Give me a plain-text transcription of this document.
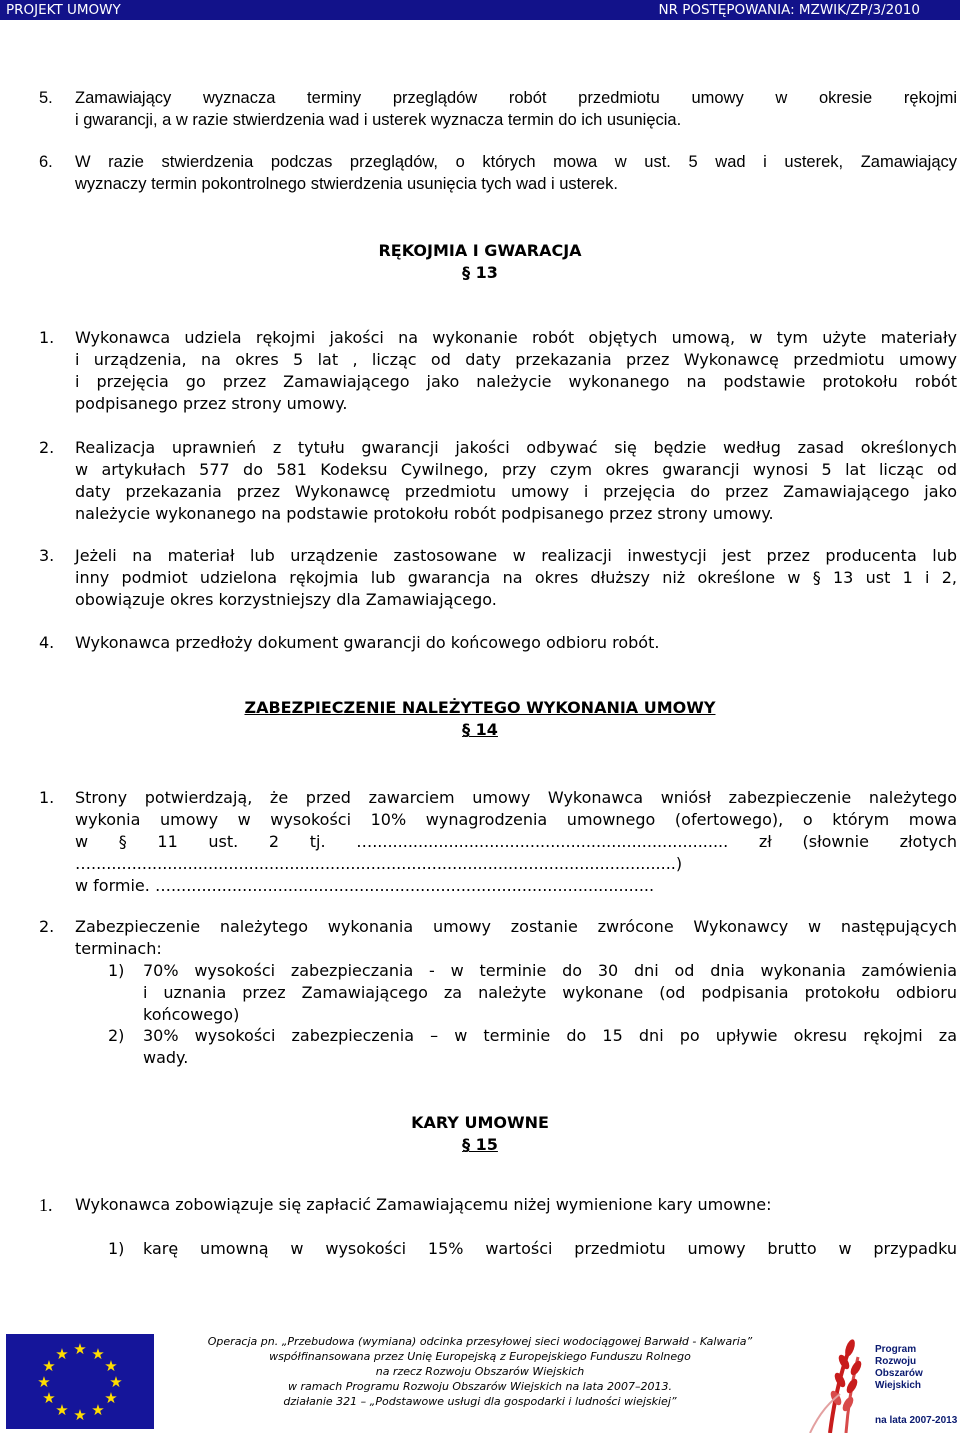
PROJEKT UMOWY	NR POSTĘPOWANIA: MZWIK/ZP/3/2010
5. Zamawiający wyznacza terminy przeglądów robót przedmiotu umowy w okresie rękojmi
i gwarancji, a w razie stwierdzenia wad i usterek wyznacza termin do ich usunięcia.
6. W razie stwierdzenia podczas przeglądów, o których mowa w ust. 5 wad i usterek, Zamawiający
wyznaczy termin pokontrolnego stwierdzenia usunięcia tych wad i usterek.
RĘKOJMIA I GWARACJA
§ 13
1. Wykonawca udziela rękojmi jakości na wykonanie robót objętych umową, w tym użyte materiały
i urządzenia, na okres 5 lat , licząc od daty przekazania przez Wykonawcę przedmiotu umowy
i przejęcia go przez Zamawiającego jako należycie wykonanego na podstawie protokołu robót
podpisanego przez strony umowy.
2. Realizacja uprawnień z tytułu gwarancji jakości odbywać się będzie według zasad określonych
w artykułach 577 do 581 Kodeksu Cywilnego, przy czym okres gwarancji wynosi 5 lat licząc od
daty przekazania przez Wykonawcę przedmiotu umowy i przejęcia do przez Zamawiającego jako
należycie wykonanego na podstawie protokołu robót podpisanego przez strony umowy.
3. Jeżeli na materiał lub urządzenie zastosowane w realizacji inwestycji jest przez producenta lub
inny podmiot udzielona rękojmia lub gwarancja na okres dłuższy niż określone w § 13 ust 1 i 2,
obowiązuje okres korzystniejszy dla Zamawiającego.
4. Wykonawca przedłoży dokument gwarancji do końcowego odbioru robót.
ZABEZPIECZENIE NALEŻYTEGO WYKONANIA UMOWY
§ 14
1. Strony potwierdzają, że przed zawarciem umowy Wykonawca wniósł zabezpieczenie należytego
wykonia umowy w wysokości 10% wynagrodzenia umownego (ofertowego), o którym mowa
w § 11 ust. 2 tj. …...................................................................... zł (słownie złotych
…...................................................................................................................)
w formie. …...............................................................................................
2. Zabezpieczenie należytego wykonania umowy zostanie zwrócone Wykonawcy w następujących
terminach:
1) 70% wysokości zabezpieczania - w terminie do 30 dni od dnia wykonania zamówienia
i uznania przez Zamawiającego za należyte wykonane (od podpisania protokołu odbioru
końcowego)
2) 30% wysokości zabezpieczenia – w terminie do 15 dni po upływie okresu rękojmi za
wady.
KARY UMOWNE
§ 15
1. Wykonawca zobowiązuje się zapłacić Zamawiającemu niżej wymienione kary umowne:
1) karę umowną w wysokości 15% wartości przedmiotu umowy brutto w przypadku
★ ★
★
★
★
★
★
★
★
★
★
★
Operacja pn. „Przebudowa (wymiana) odcinka przesyłowej sieci wodociągowej Barwałd - Kalwaria”
współfinansowana przez Unię Europejską z Europejskiego Funduszu Rolnego
na rzecz Rozwoju Obszarów Wiejskich
w ramach Programu Rozwoju Obszarów Wiejskich na lata 2007–2013.
działanie 321 – „Podstawowe usługi dla gospodarki i ludności wiejskiej”
Program
Rozwoju
Obszarów
Wiejskich
na lata 2007-2013
